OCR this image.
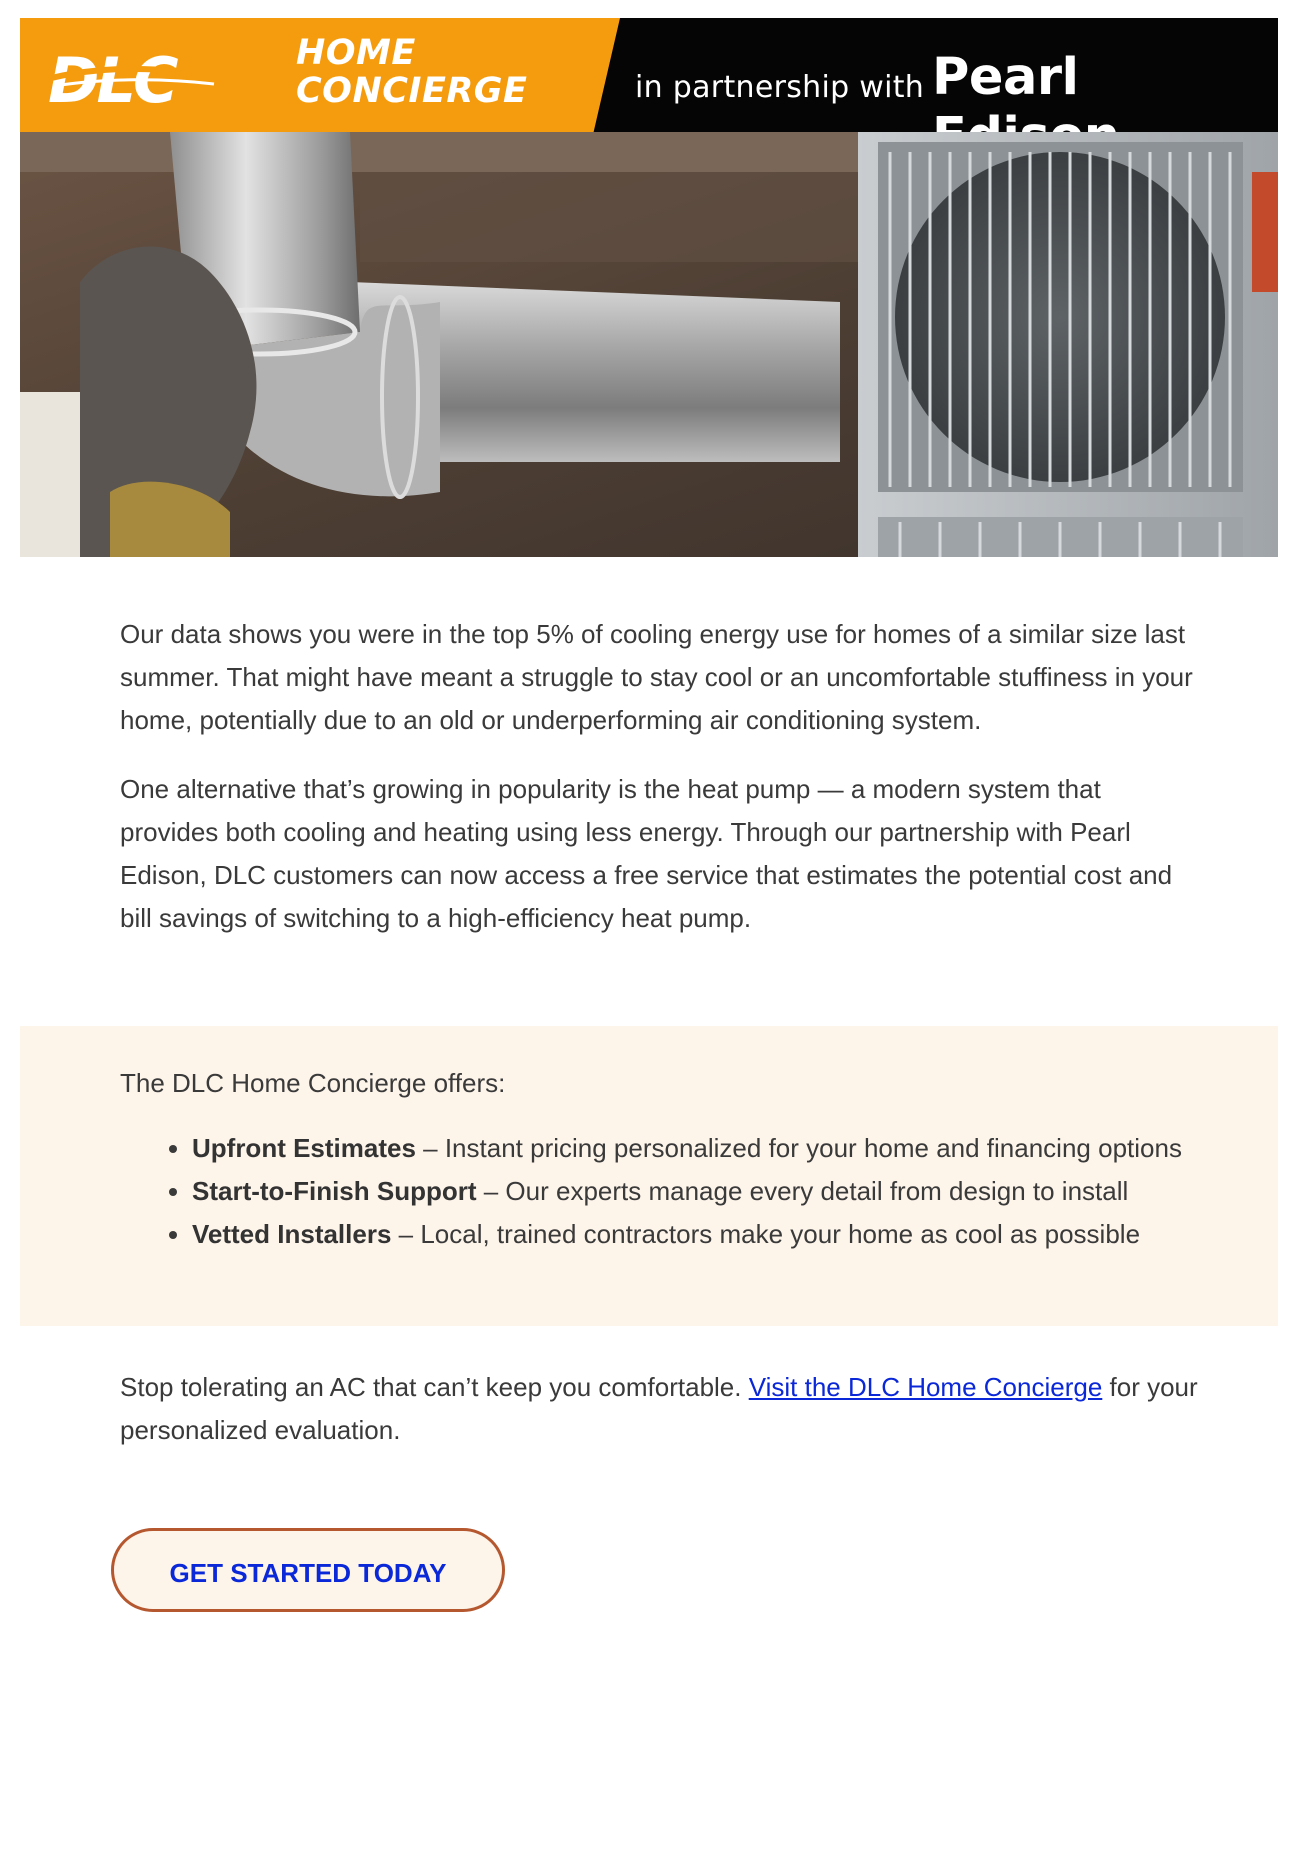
DLC	HOME
CONCIERGE	in partnership with Pearl

Our data shows you were in the top 5% of cooling energy use for homes of a similar size last summer. That might have meant a struggle to stay cool or an uncomfortable stuffiness in your home, potentially due to an old or underperforming air conditioning system.

One alternative that’s growing in popularity is the heat pump — a modern system that provides both cooling and heating using less energy. Through our partnership with Pearl Edison, DLC customers can now access a free service that estimates the potential cost and bill savings of switching to a high-efficiency heat pump.

The DLC Home Concierge offers:

• Upfront Estimates – Instant pricing personalized for your home and financing options
• Start-to-Finish Support – Our experts manage every detail from design to install
• Vetted Installers – Local, trained contractors make your home as cool as possible

Stop tolerating an AC that can’t keep you comfortable. Visit the DLC Home Concierge for your personalized evaluation.

GET STARTED TODAY
